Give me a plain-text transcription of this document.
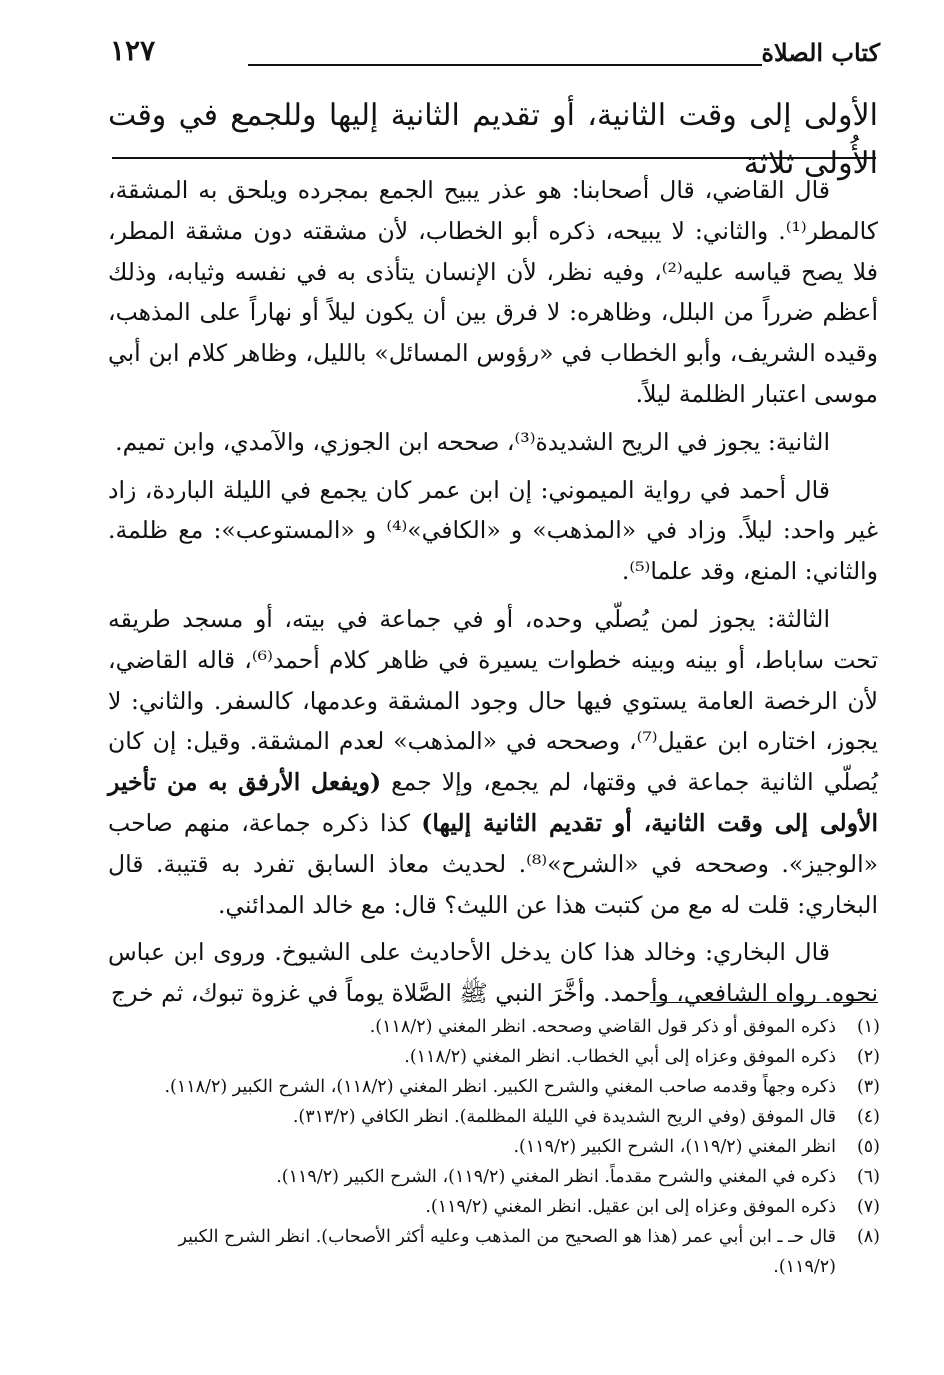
كتاب الصلاة
١٢٧
الأولى إلى وقت الثانية، أو تقديم الثانية إليها وللجمع في وقت الأُولى ثلاثة

قال القاضي، قال أصحابنا: هو عذر يبيح الجمع بمجرده ويلحق به المشقة، كالمطر⁽¹⁾. والثاني: لا يبيحه، ذكره أبو الخطاب، لأن مشقته دون مشقة المطر، فلا يصح قياسه عليه⁽²⁾، وفيه نظر، لأن الإنسان يتأذى به في نفسه وثيابه، وذلك أعظم ضرراً من البلل، وظاهره: لا فرق بين أن يكون ليلاً أو نهاراً على المذهب، وقيده الشريف، وأبو الخطاب في «رؤوس المسائل» بالليل، وظاهر كلام ابن أبي موسى اعتبار الظلمة ليلاً.

الثانية: يجوز في الريح الشديدة⁽³⁾، صححه ابن الجوزي، والآمدي، وابن تميم.

قال أحمد في رواية الميموني: إن ابن عمر كان يجمع في الليلة الباردة، زاد غير واحد: ليلاً. وزاد في «المذهب» و «الكافي»⁽⁴⁾ و «المستوعب»: مع ظلمة. والثاني: المنع، وقد علما⁽⁵⁾.

الثالثة: يجوز لمن يُصلّي وحده، أو في جماعة في بيته، أو مسجد طريقه تحت ساباط، أو بينه وبينه خطوات يسيرة في ظاهر كلام أحمد⁽⁶⁾، قاله القاضي، لأن الرخصة العامة يستوي فيها حال وجود المشقة وعدمها، كالسفر. والثاني: لا يجوز، اختاره ابن عقيل⁽⁷⁾، وصححه في «المذهب» لعدم المشقة. وقيل: إن كان يُصلّي الثانية جماعة في وقتها، لم يجمع، وإلا جمع (ويفعل الأرفق به من تأخير الأولى إلى وقت الثانية، أو تقديم الثانية إليها) كذا ذكره جماعة، منهم صاحب «الوجيز». وصححه في «الشرح»⁽⁸⁾. لحديث معاذ السابق تفرد به قتيبة. قال البخاري: قلت له مع من كتبت هذا عن الليث؟ قال: مع خالد المدائني.

قال البخاري: وخالد هذا كان يدخل الأحاديث على الشيوخ. وروى ابن عباس نحوه. رواه الشافعي، وأحمد. وأخَّرَ النبي ﷺ الصَّلاة يوماً في غزوة تبوك، ثم خرج

(١)
ذكره الموفق أو ذكر قول القاضي وصححه. انظر المغني (١١٨/٢).

(٢)
ذكره الموفق وعزاه إلى أبي الخطاب. انظر المغني (١١٨/٢).

(٣)
ذكره وجهاً وقدمه صاحب المغني والشرح الكبير. انظر المغني (١١٨/٢)، الشرح الكبير (١١٨/٢).

(٤)
قال الموفق (وفي الريح الشديدة في الليلة المظلمة). انظر الكافي (٣١٣/٢).

(٥)
انظر المغني (١١٩/٢)، الشرح الكبير (١١٩/٢).

(٦)
ذكره في المغني والشرح مقدماً. انظر المغني (١١٩/٢)، الشرح الكبير (١١٩/٢).

(٧)
ذكره الموفق وعزاه إلى ابن عقيل. انظر المغني (١١٩/٢).

(٨)
قال حـ ـ ابن أبي عمر (هذا هو الصحيح من المذهب وعليه أكثر الأصحاب). انظر الشرح الكبير (١١٩/٢).
